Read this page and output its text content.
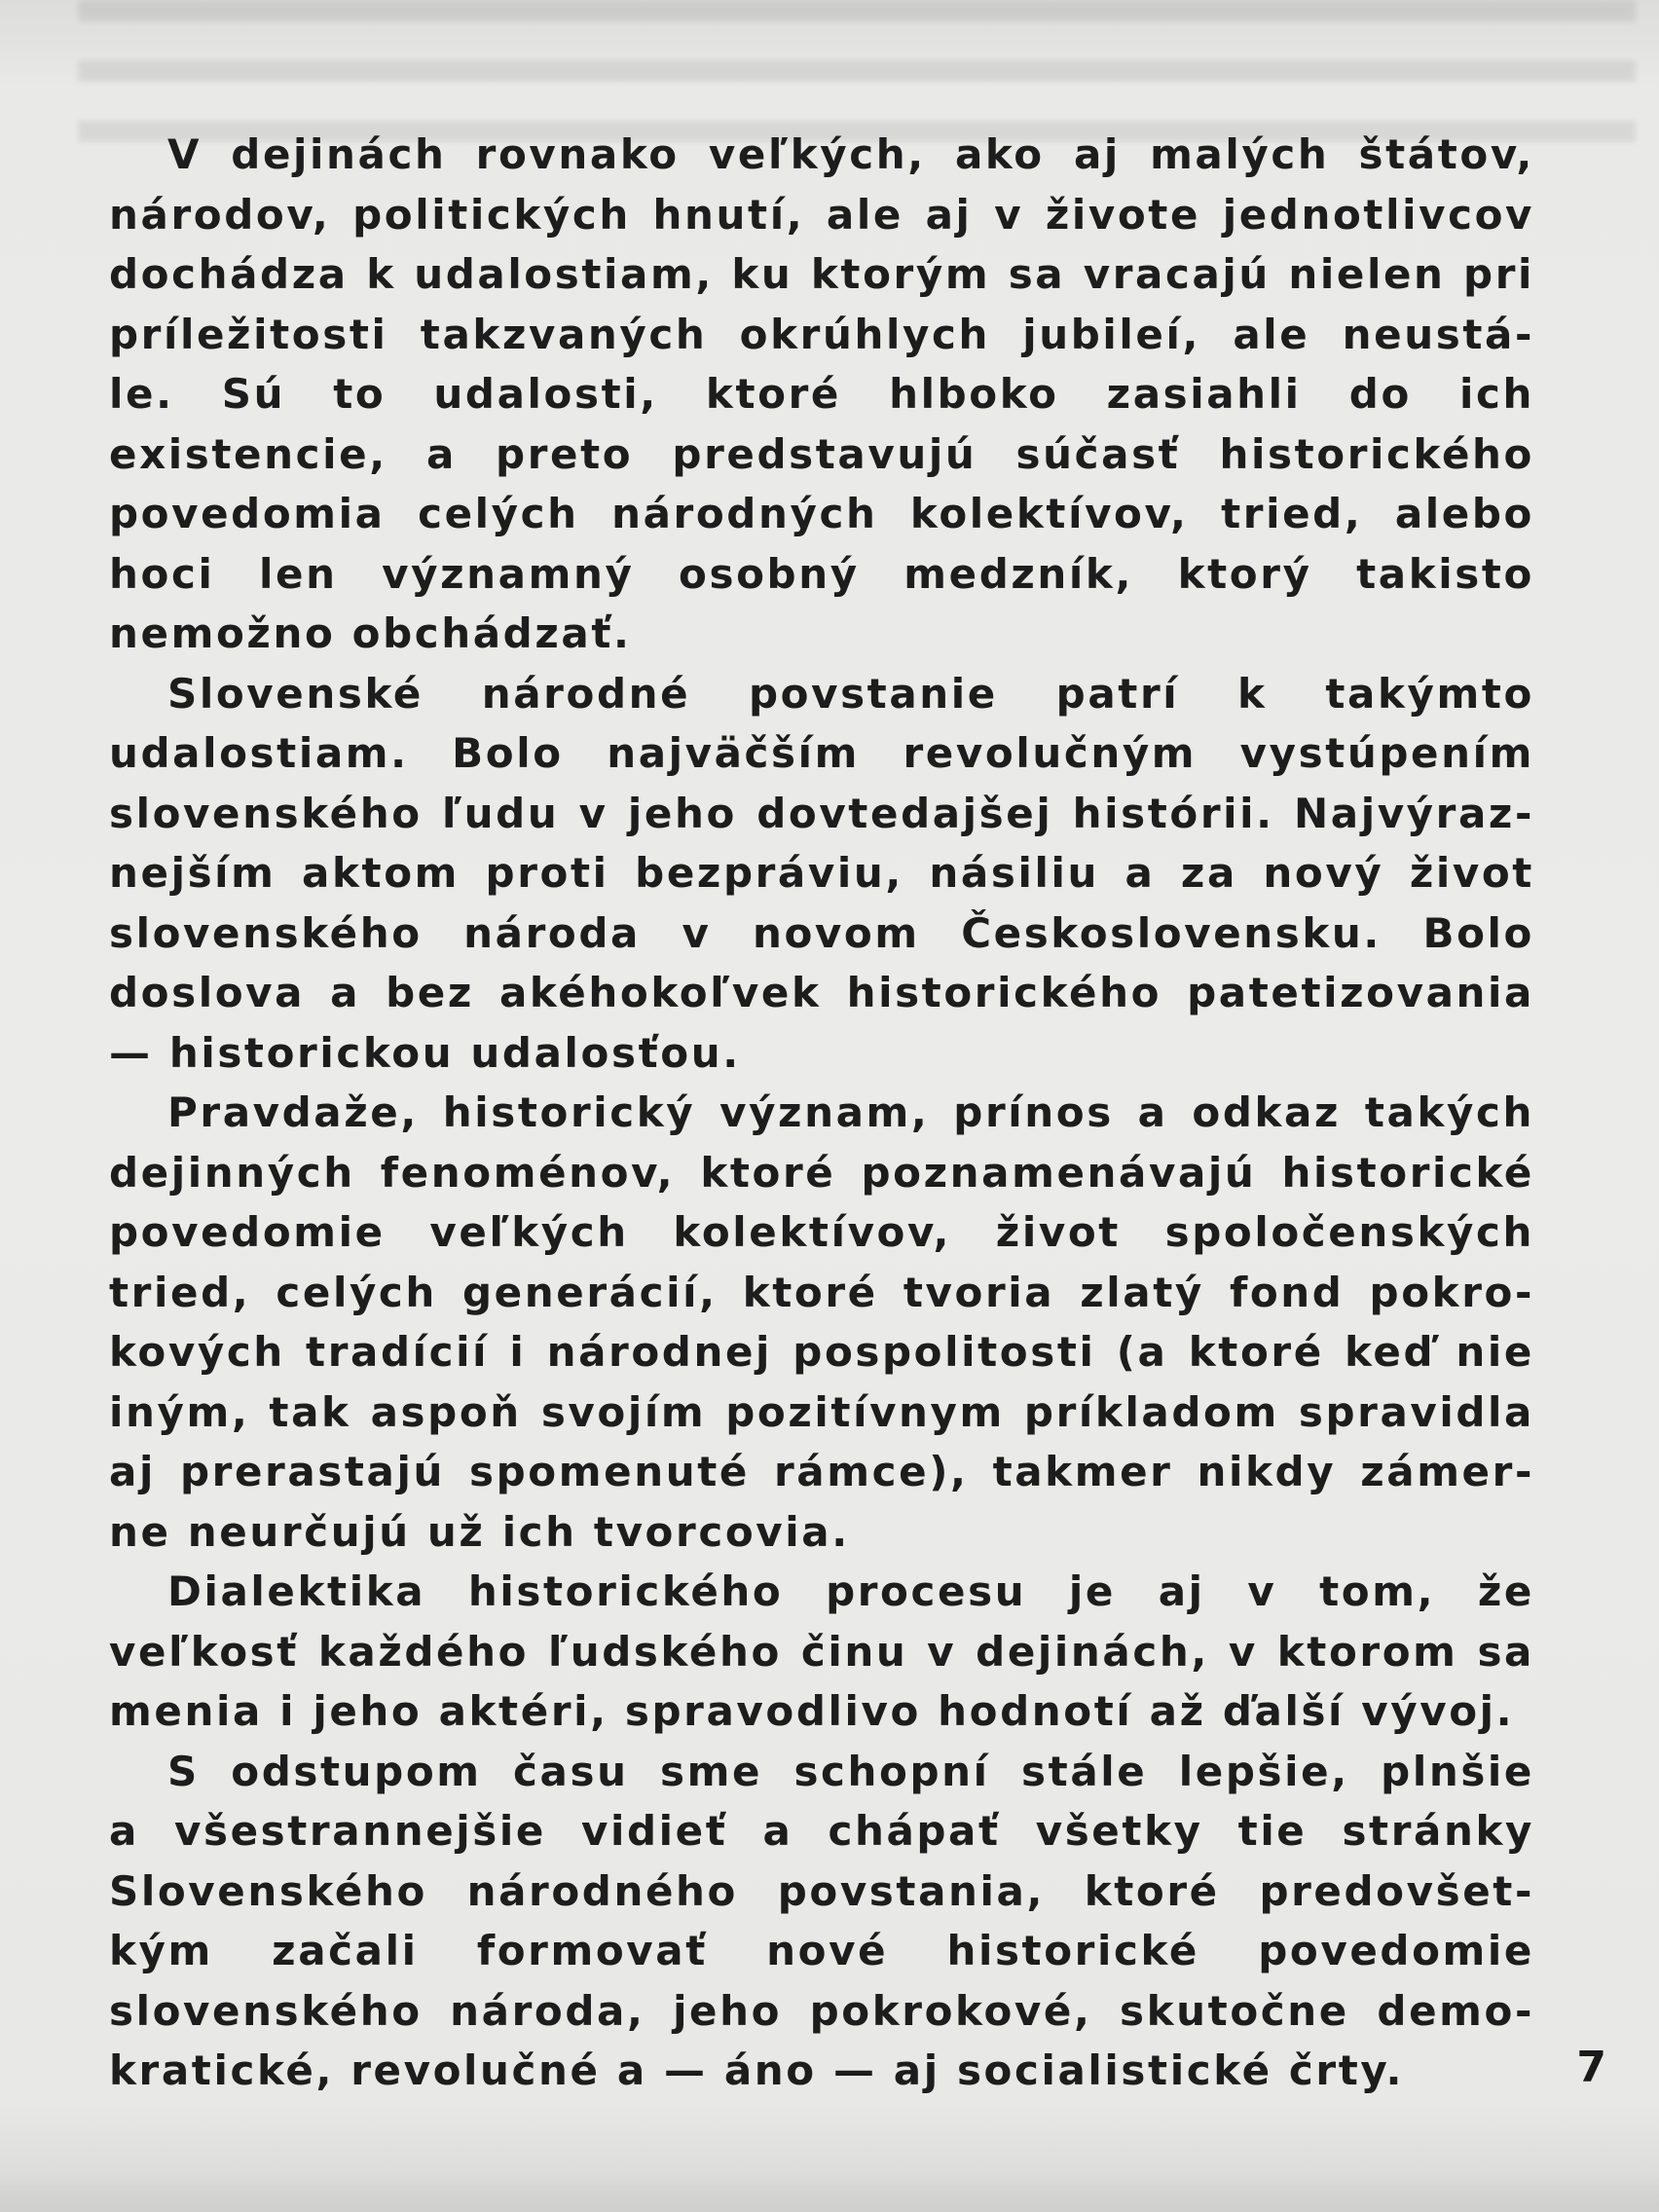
V dejinách rovnako veľkých, ako aj malých štátov,
národov, politických hnutí, ale aj v živote jednotlivcov
dochádza k udalostiam, ku ktorým sa vracajú nielen pri
príležitosti takzvaných okrúhlych jubileí, ale neustá-
le. Sú to udalosti, ktoré hlboko zasiahli do ich
existencie, a preto predstavujú súčasť historického
povedomia celých národných kolektívov, tried, alebo
hoci len významný osobný medzník, ktorý takisto
nemožno obchádzať.

Slovenské národné povstanie patrí k takýmto
udalostiam. Bolo najväčším revolučným vystúpením
slovenského ľudu v jeho dovtedajšej histórii. Najvýraz-
nejším aktom proti bezpráviu, násiliu a za nový život
slovenského národa v novom Československu. Bolo
doslova a bez akéhokoľvek historického patetizovania
— historickou udalosťou.

Pravdaže, historický význam, prínos a odkaz takých
dejinných fenoménov, ktoré poznamenávajú historické
povedomie veľkých kolektívov, život spoločenských
tried, celých generácií, ktoré tvoria zlatý fond pokro-
kových tradícií i národnej pospolitosti (a ktoré keď nie
iným, tak aspoň svojím pozitívnym príkladom spravidla
aj prerastajú spomenuté rámce), takmer nikdy zámer-
ne neurčujú už ich tvorcovia.

Dialektika historického procesu je aj v tom, že
veľkosť každého ľudského činu v dejinách, v ktorom sa
menia i jeho aktéri, spravodlivo hodnotí až ďalší vývoj.

S odstupom času sme schopní stále lepšie, plnšie
a všestrannejšie vidieť a chápať všetky tie stránky
Slovenského národného povstania, ktoré predovšet-
kým začali formovať nové historické povedomie
slovenského národa, jeho pokrokové, skutočne demo-
kratické, revolučné a — áno — aj socialistické črty.	7
